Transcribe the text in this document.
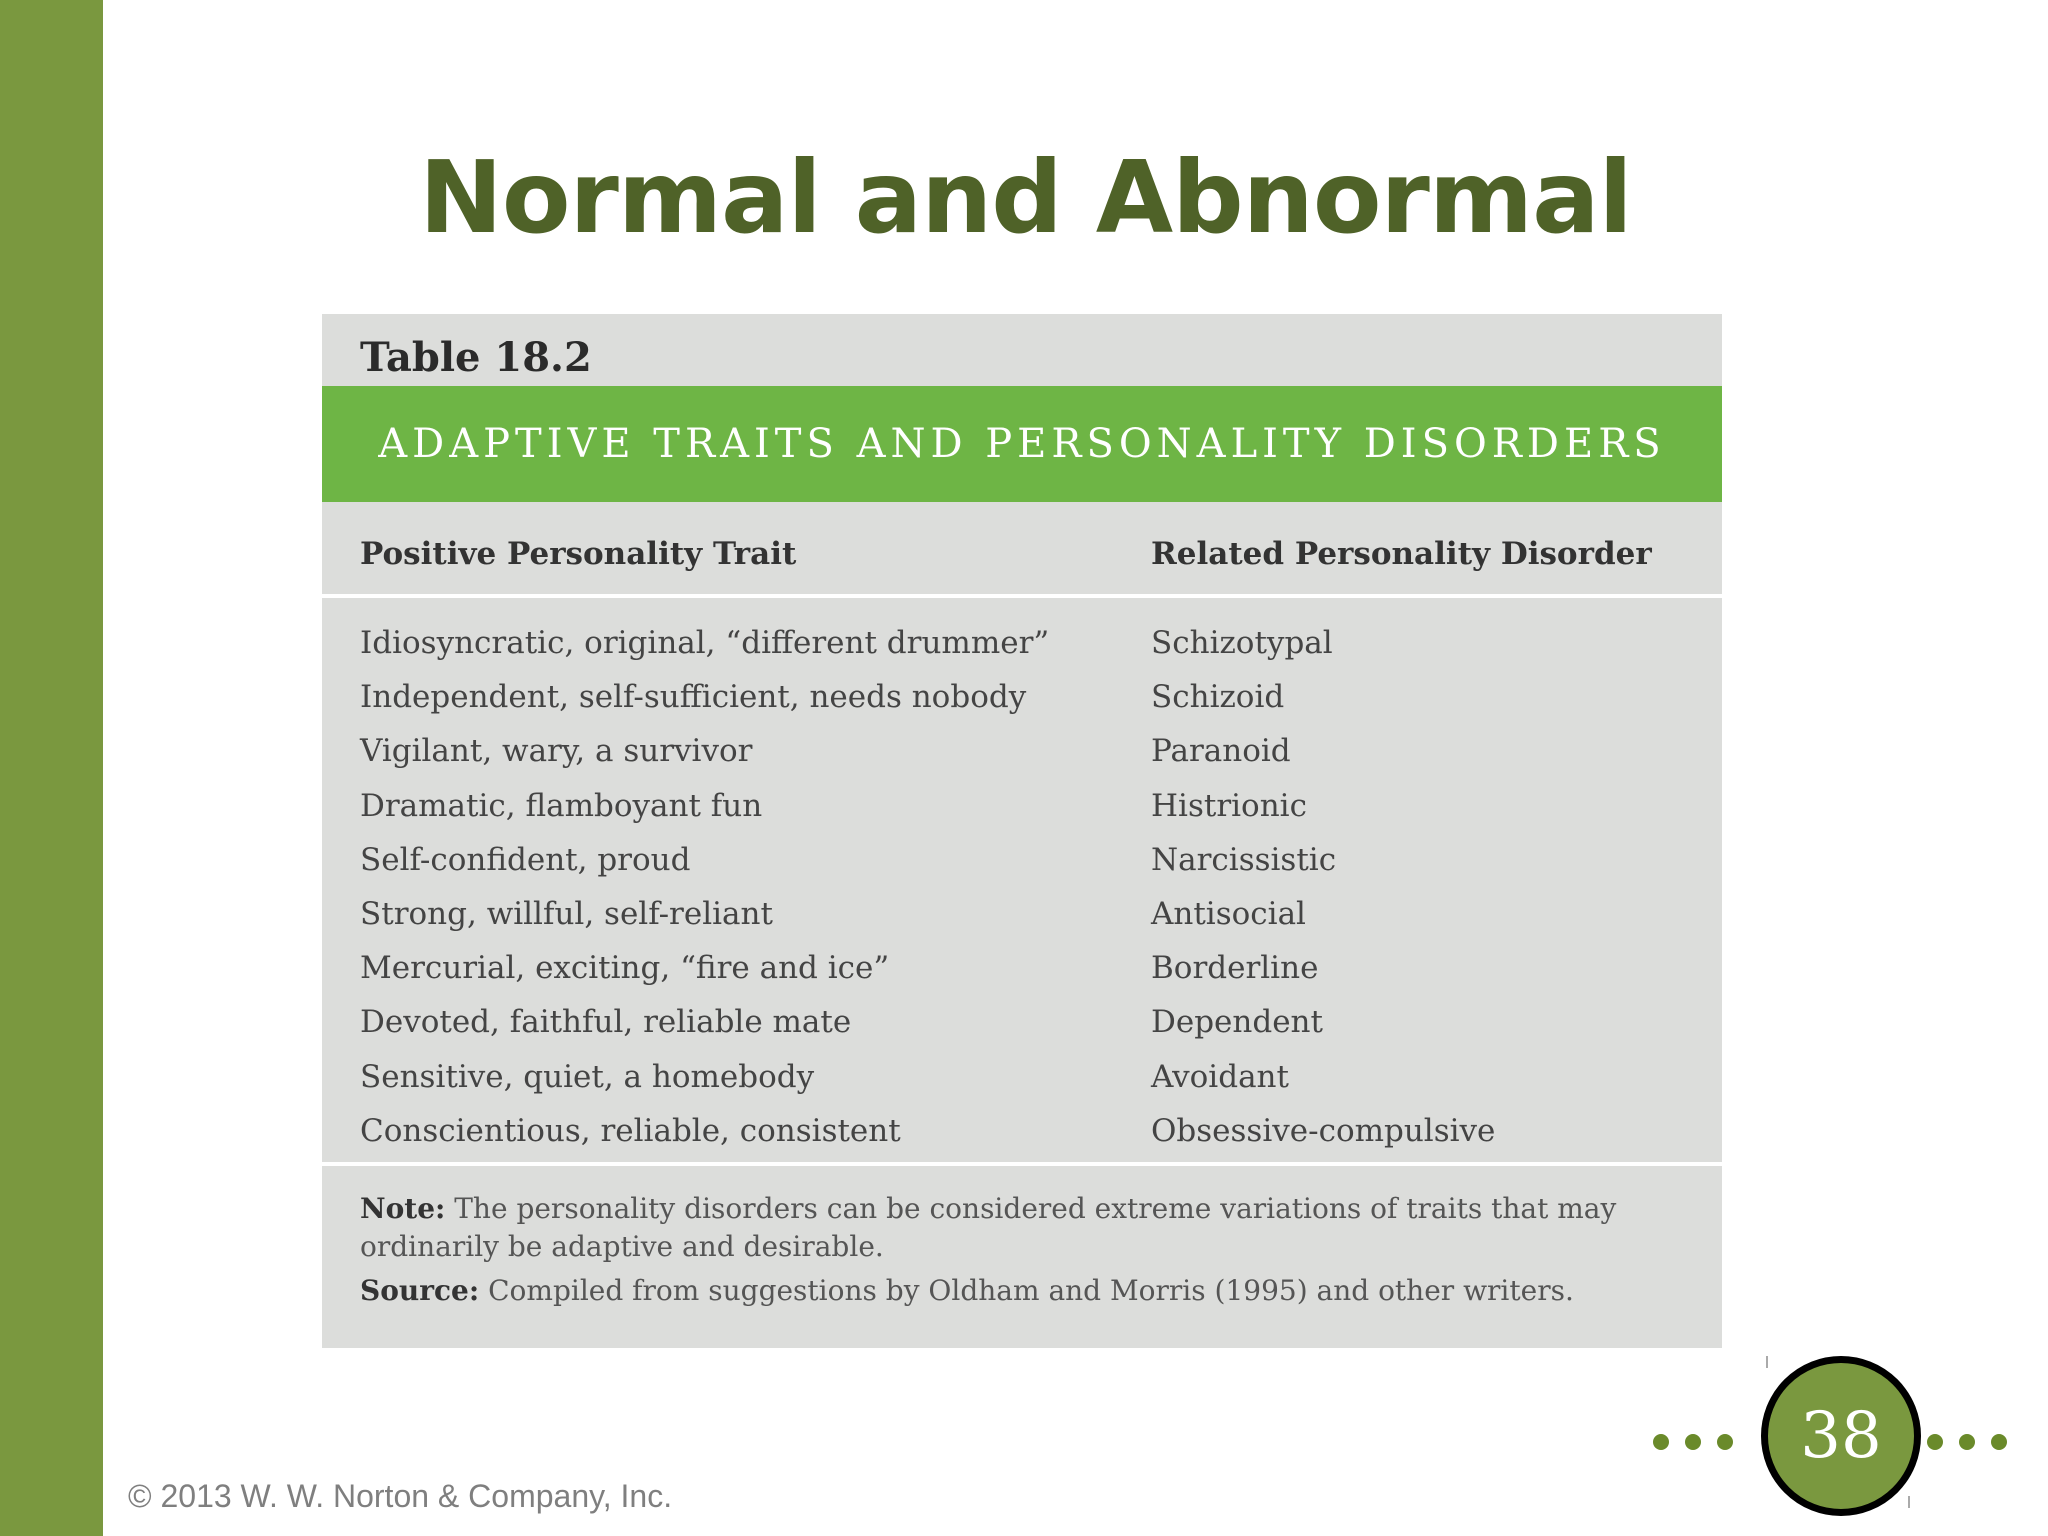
Normal and Abnormal
Table 18.2
ADAPTIVE TRAITS AND PERSONALITY DISORDERS
Positive Personality Trait	Related Personality Disorder
Idiosyncratic, original, “different drummer”	Schizotypal
Independent, self-sufficient, needs nobody	Schizoid
Vigilant, wary, a survivor	Paranoid
Dramatic, flamboyant fun	Histrionic
Self-confident, proud	Narcissistic
Strong, willful, self-reliant	Antisocial
Mercurial, exciting, “fire and ice”	Borderline
Devoted, faithful, reliable mate	Dependent
Sensitive, quiet, a homebody	Avoidant
Conscientious, reliable, consistent	Obsessive-compulsive
Note: The personality disorders can be considered extreme variations of traits that may ordinarily be adaptive and desirable.
Source: Compiled from suggestions by Oldham and Morris (1995) and other writers.
© 2013 W. W. Norton & Company, Inc.
38
